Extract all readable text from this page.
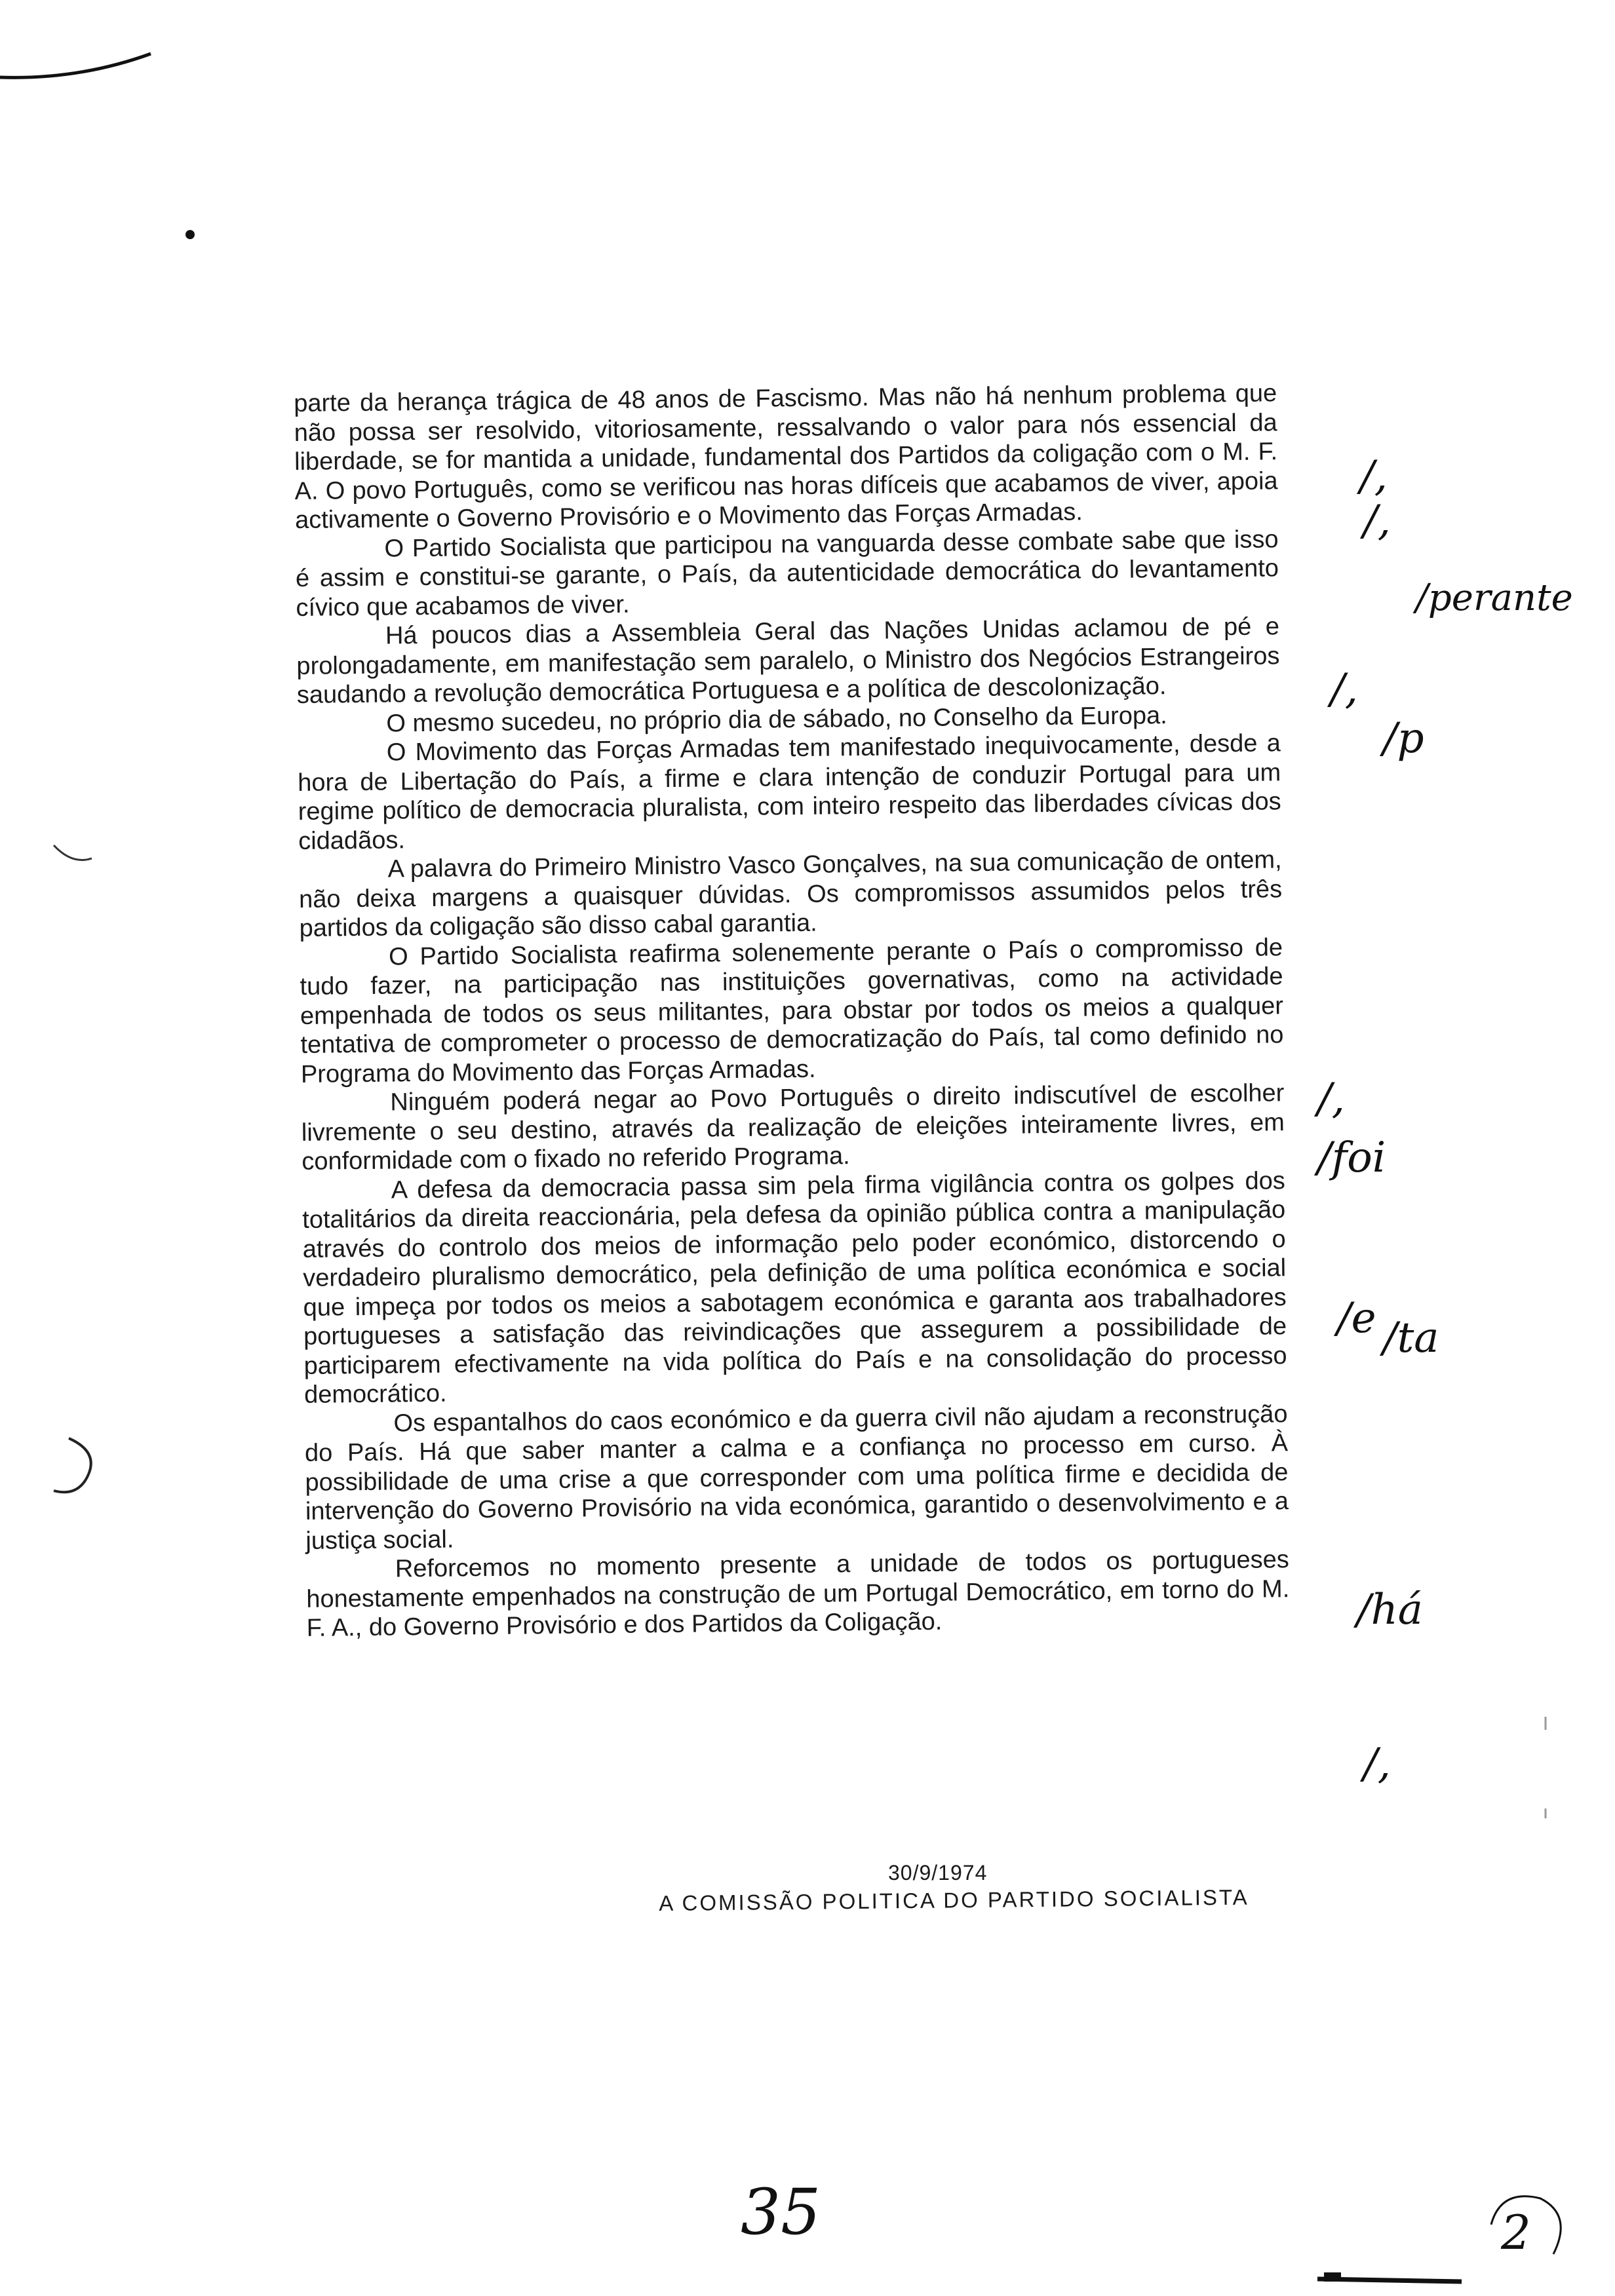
parte da herança trágica de 48 anos de Fascismo. Mas não há nenhum problema que não possa ser resolvido, vitoriosamente, ressalvando o valor para nós essencial da liberdade, se for mantida a unidade, fundamental dos Partidos da coligação com o M. F. A. O povo Português, como se verificou nas horas difíceis que acabamos de viver, apoia activamente o Governo Provisório e o Movimento das Forças Armadas.

O Partido Socialista que participou na vanguarda desse combate sabe que isso é assim e constitui-se garante, o País, da autenticidade democrática do levantamento cívico que acabamos de viver.

Há poucos dias a Assembleia Geral das Nações Unidas aclamou de pé e prolongadamente, em manifestação sem paralelo, o Ministro dos Negócios Estrangeiros saudando a revolução democrática Portuguesa e a política de descolonização.

O mesmo sucedeu, no próprio dia de sábado, no Conselho da Europa.

O Movimento das Forças Armadas tem manifestado inequivocamente, desde a hora de Libertação do País, a firme e clara intenção de conduzir Portugal para um regime político de democracia pluralista, com inteiro respeito das liberdades cívicas dos cidadãos.

A palavra do Primeiro Ministro Vasco Gonçalves, na sua comunicação de ontem, não deixa margens a quaisquer dúvidas. Os compromissos assumidos pelos três partidos da coligação são disso cabal garantia.

O Partido Socialista reafirma solenemente perante o País o compromisso de tudo fazer, na participação nas instituições governativas, como na actividade empenhada de todos os seus militantes, para obstar por todos os meios a qualquer tentativa de comprometer o processo de democratização do País, tal como definido no Programa do Movimento das Forças Armadas.

Ninguém poderá negar ao Povo Português o direito indiscutível de escolher livremente o seu destino, através da realização de eleições inteiramente livres, em conformidade com o fixado no referido Programa.

A defesa da democracia passa sim pela firma vigilância contra os golpes dos totalitários da direita reaccionária, pela defesa da opinião pública contra a manipulação através do controlo dos meios de informação pelo poder económico, distorcendo o verdadeiro pluralismo democrático, pela definição de uma política económica e social que impeça por todos os meios a sabotagem económica e garanta aos trabalhadores portugueses a satisfação das reivindicações que assegurem a possibilidade de participarem efectivamente na vida política do País e na consolidação do processo democrático.

Os espantalhos do caos económico e da guerra civil não ajudam a reconstrução do País. Há que saber manter a calma e a confiança no processo em curso. À possibilidade de uma crise a que corresponder com uma política firme e decidida de intervenção do Governo Provisório na vida económica, garantido o desenvolvimento e a justiça social.

Reforcemos no momento presente a unidade de todos os portugueses honestamente empenhados na construção de um Portugal Democrático, em torno do M. F. A., do Governo Provisório e dos Partidos da Coligação.

30/9/1974
A COMISSÃO POLITICA DO PARTIDO SOCIALISTA
/,
/,
/perante
/,
/p
/,
/foi
/e /ta
/há
/,
35	2
